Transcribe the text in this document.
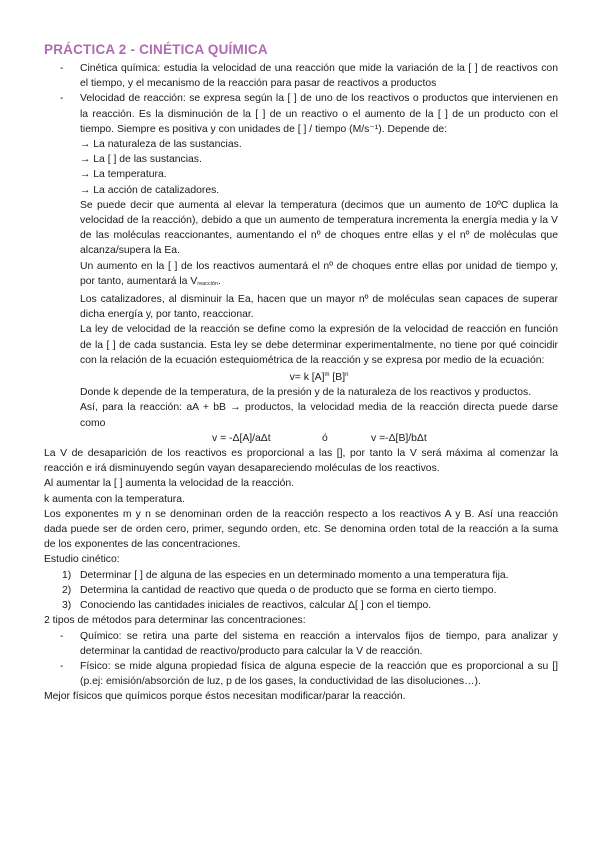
PRÁCTICA 2 - CINÉTICA QUÍMICA
- Cinética química: estudia la velocidad de una reacción que mide la variación de la [ ] de reactivos con el tiempo, y el mecanismo de la reacción para pasar de reactivos a productos
- Velocidad de reacción: se expresa según la [ ] de uno de los reactivos o productos que intervienen en la reacción. Es la disminución de la [ ] de un reactivo o el aumento de la [ ] de un producto con el tiempo. Siempre es positiva y con unidades de [ ] / tiempo (M/s⁻¹). Depende de:
→ La naturaleza de las sustancias.
→ La [ ] de las sustancias.
→ La temperatura.
→ La acción de catalizadores.
Se puede decir que aumenta al elevar la temperatura (decimos que un aumento de 10ºC duplica la velocidad de la reacción), debido a que un aumento de temperatura incrementa la energía media y la V de las moléculas reaccionantes, aumentando el nº de choques entre ellas y el nº de moléculas que alcanza/supera la Ea.
Un aumento en la [ ] de los reactivos aumentará el nº de choques entre ellas por unidad de tiempo y, por tanto, aumentará la $V_{reacción}$.
Los catalizadores, al disminuir la Ea, hacen que un mayor nº de moléculas sean capaces de superar dicha energía y, por tanto, reaccionar.
La ley de velocidad de la reacción se define como la expresión de la velocidad de reacción en función de la [ ] de cada sustancia. Esta ley se debe determinar experimentalmente, no tiene por qué coincidir con la relación de la ecuación estequiométrica de la reacción y se expresa por medio de la ecuación:
v= k $[A]^m$ $[B]^n$
Donde k depende de la temperatura, de la presión y de la naturaleza de los reactivos y productos.
Así, para la reacción: aA + bB → productos, la velocidad media de la reacción directa puede darse como
v = -Δ[A]/aΔt	ó	v =-Δ[B]/bΔt
La V de desaparición de los reactivos es proporcional a las [], por tanto la V será máxima al comenzar la reacción e irá disminuyendo según vayan desapareciendo moléculas de los reactivos.
Al aumentar la [ ] aumenta la velocidad de la reacción.
k aumenta con la temperatura.
Los exponentes m y n se denominan orden de la reacción respecto a los reactivos A y B. Así una reacción dada puede ser de orden cero, primer, segundo orden, etc. Se denomina orden total de la reacción a la suma de los exponentes de las concentraciones.
Estudio cinético:
1) Determinar [ ] de alguna de las especies en un determinado momento a una temperatura fija.
2) Determina la cantidad de reactivo que queda o de producto que se forma en cierto tiempo.
3) Conociendo las cantidades iniciales de reactivos, calcular Δ[ ] con el tiempo.
2 tipos de métodos para determinar las concentraciones:
- Químico: se retira una parte del sistema en reacción a intervalos fijos de tiempo, para analizar y determinar la cantidad de reactivo/producto para calcular la V de reacción.
- Físico: se mide alguna propiedad física de alguna especie de la reacción que es proporcional a su [] (p.ej: emisión/absorción de luz, p de los gases, la conductividad de las disoluciones…).
Mejor físicos que químicos porque éstos necesitan modificar/parar la reacción.
